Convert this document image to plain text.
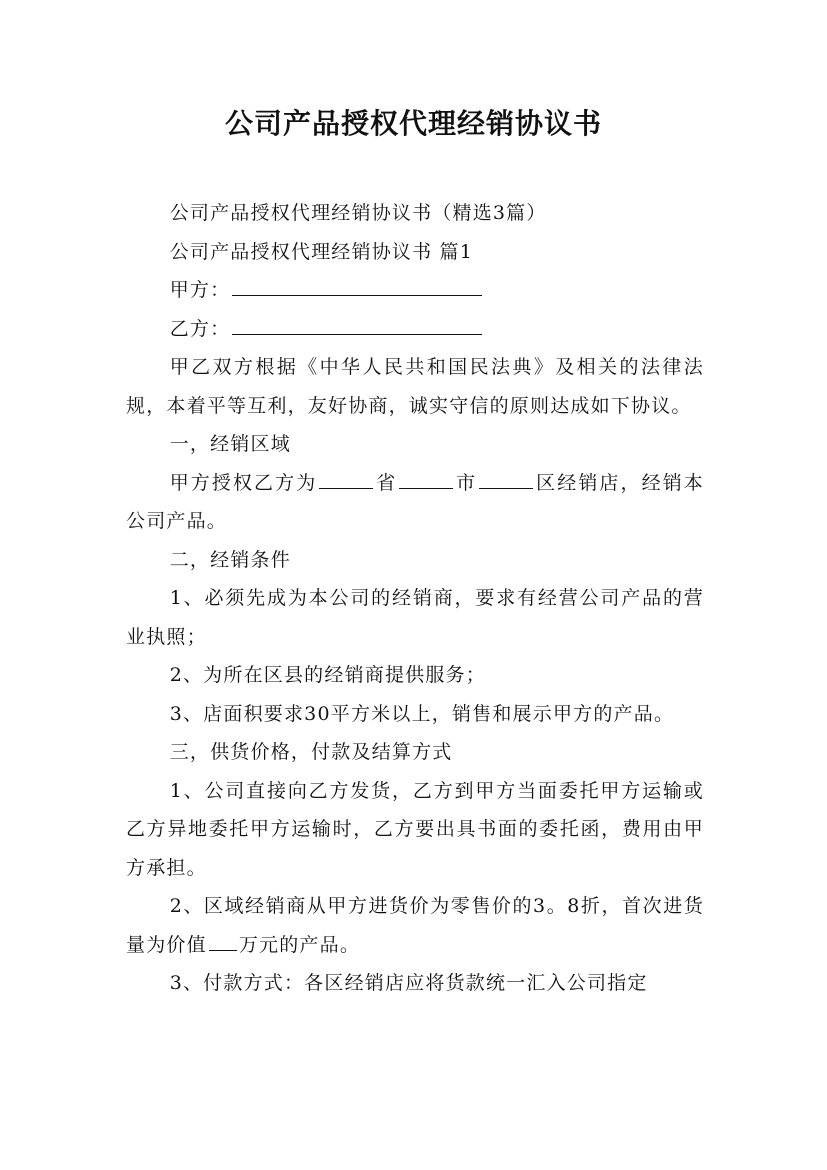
公司产品授权代理经销协议书

公司产品授权代理经销协议书（精选3篇）

公司产品授权代理经销协议书 篇1

甲方：

乙方：

甲乙双方根据《中华人民共和国民法典》及相关的法律法规，本着平等互利，友好协商，诚实守信的原则达成如下协议。

一，经销区域

甲方授权乙方为	省	市	区经销店，经销本公司产品。

二，经销条件

1、必须先成为本公司的经销商，要求有经营公司产品的营业执照；

2、为所在区县的经销商提供服务；

3、店面积要求30平方米以上，销售和展示甲方的产品。

三，供货价格，付款及结算方式

1、公司直接向乙方发货，乙方到甲方当面委托甲方运输或乙方异地委托甲方运输时，乙方要出具书面的委托函，费用由甲方承担。

2、区域经销商从甲方进货价为零售价的3。8折，首次进货量为价值 万元的产品。

3、付款方式：各区经销店应将货款统一汇入公司指定
